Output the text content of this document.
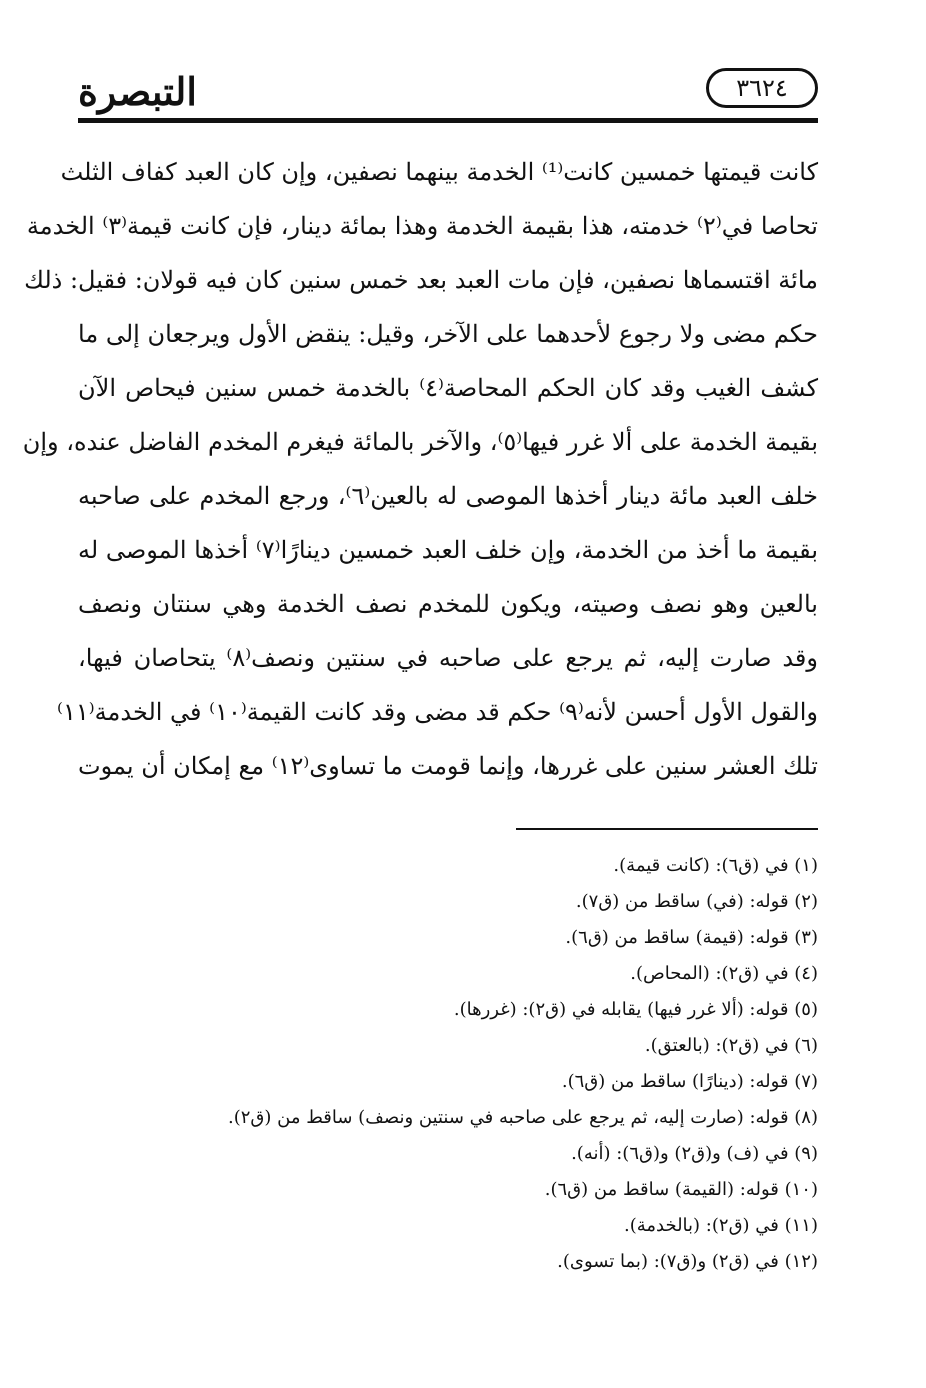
التبصرة	٣٦٢٤
كانت قيمتها خمسين كانت⁽¹⁾ الخدمة بينهما نصفين، وإن كان العبد كفاف الثلث
تحاصا في⁽٢⁾ خدمته، هذا بقيمة الخدمة وهذا بمائة دينار، فإن كانت قيمة⁽٣⁾ الخدمة
مائة اقتسماها نصفين، فإن مات العبد بعد خمس سنين كان فيه قولان: فقيل: ذلك
حكم مضى ولا رجوع لأحدهما على الآخر، وقيل: ينقض الأول ويرجعان إلى ما
كشف الغيب وقد كان الحكم المحاصة⁽٤⁾ بالخدمة خمس سنين فيحاص الآن
بقيمة الخدمة على ألا غرر فيها⁽٥⁾، والآخر بالمائة فيغرم المخدم الفاضل عنده، وإن
خلف العبد مائة دينار أخذها الموصى له بالعين⁽٦⁾، ورجع المخدم على صاحبه
بقيمة ما أخذ من الخدمة، وإن خلف العبد خمسين دينارًا⁽٧⁾ أخذها الموصى له
بالعين وهو نصف وصيته، ويكون للمخدم نصف الخدمة وهي سنتان ونصف
وقد صارت إليه، ثم يرجع على صاحبه في سنتين ونصف⁽٨⁾ يتحاصان فيها،
والقول الأول أحسن لأنه⁽٩⁾ حكم قد مضى وقد كانت القيمة⁽١٠⁾ في الخدمة⁽١١⁾
تلك العشر سنين على غررها، وإنما قومت ما تساوى⁽١٢⁾ مع إمكان أن يموت
(١) في (ق٦): (كانت قيمة).
(٢) قوله: (في) ساقط من (ق٧).
(٣) قوله: (قيمة) ساقط من (ق٦).
(٤) في (ق٢): (المحاص).
(٥) قوله: (ألا غرر فيها) يقابله في (ق٢): (غررها).
(٦) في (ق٢): (بالعتق).
(٧) قوله: (دينارًا) ساقط من (ق٦).
(٨) قوله: (صارت إليه، ثم يرجع على صاحبه في سنتين ونصف) ساقط من (ق٢).
(٩) في (ف) و(ق٢) و(ق٦): (أنه).
(١٠) قوله: (القيمة) ساقط من (ق٦).
(١١) في (ق٢): (بالخدمة).
(١٢) في (ق٢) و(ق٧): (بما تسوى).
